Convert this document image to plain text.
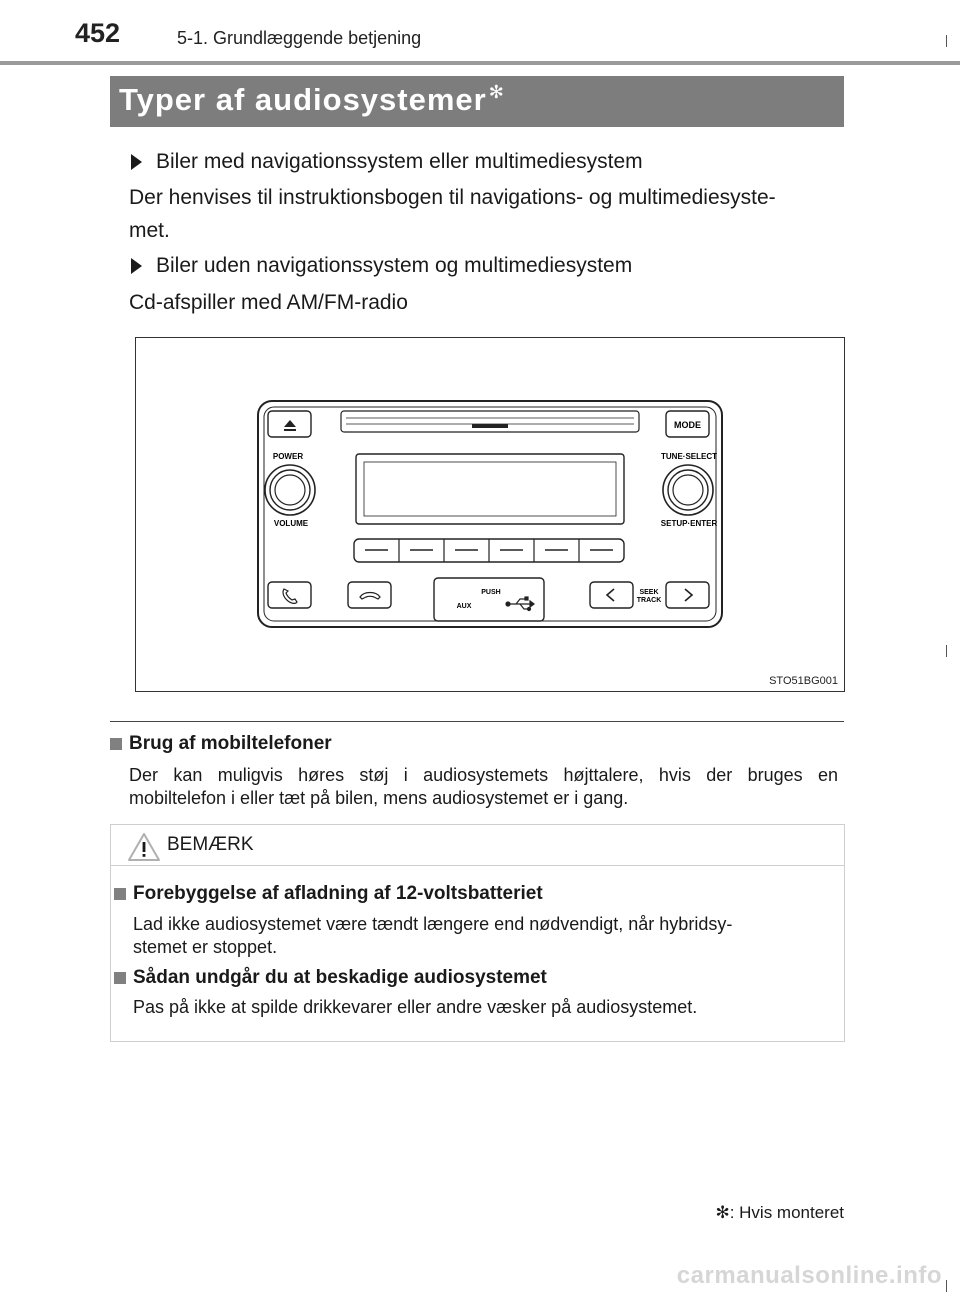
452	5-1. Grundlæggende betjening
Typer af audiosystemer ✻
Biler med navigationssystem eller multimediesystem
Der henvises til instruktionsbogen til navigations- og multimediesyste-
met.
Biler uden navigationssystem og multimediesystem
Cd-afspiller med AM/FM-radio
MODE
POWER
VOLUME
TUNE·SELECT
SETUP·ENTER
PUSH
AUX
SEEK
TRACK
STO51BG001
Brug af mobiltelefoner
Der kan muligvis høres støj i audiosystemets højttalere, hvis der bruges en
mobiltelefon i eller tæt på bilen, mens audiosystemet er i gang.
BEMÆRK
Forebyggelse af afladning af 12-voltsbatteriet
Lad ikke audiosystemet være tændt længere end nødvendigt, når hybridsy-
stemet er stoppet.
Sådan undgår du at beskadige audiosystemet
Pas på ikke at spilde drikkevarer eller andre væsker på audiosystemet.
✻: Hvis monteret
carmanualsonline.info
